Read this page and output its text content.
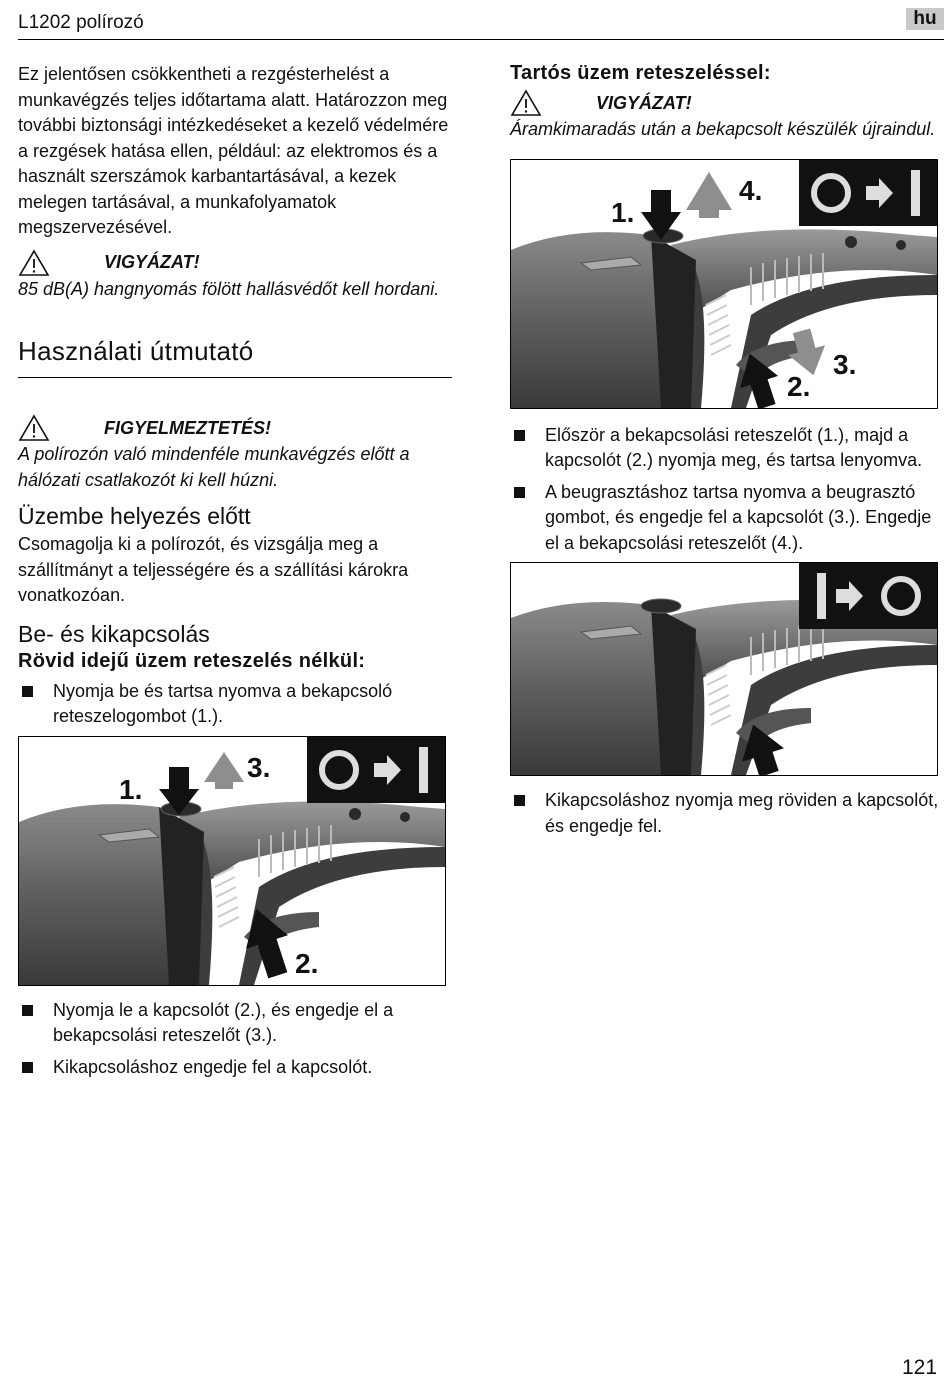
L1202 polírozó	hu

Ez jelentősen csökkentheti a rezgésterhelést a munkavégzés teljes időtartama alatt. Határozzon meg további biztonsági intézkedéseket a kezelő védelmére a rezgések hatása ellen, például: az elektromos és a használt szerszámok karbantartásával, a kezek melegen tartásával, a munkafolyamatok megszervezésével.

VIGYÁZAT!
85 dB(A) hangnyomás fölött hallásvédőt kell hordani.
Használati útmutató
FIGYELMEZTETÉS!
A polírozón való mindenféle munkavégzés előtt a hálózati csatlakozót ki kell húzni.
Üzembe helyezés előtt

Csomagolja ki a polírozót, és vizsgálja meg a szállítmányt a teljességére és a szállítási károkra vonatkozóan.

Be- és kikapcsolás
Rövid idejű üzem reteszelés nélkül:
Nyomja be és tartsa nyomva a bekapcsoló reteszelogombot (1.).
1.
3.
2.
Nyomja le a kapcsolót (2.), és engedje el a bekapcsolási reteszelőt (3.).
Kikapcsoláshoz engedje fel a kapcsolót.
Tartós üzem reteszeléssel:
VIGYÁZAT!
Áramkimaradás után a bekapcsolt készülék újraindul.
1.
4.
3.
2.
Először a bekapcsolási reteszelőt (1.), majd a kapcsolót (2.) nyomja meg, és tartsa lenyomva.
A beugrasztáshoz tartsa nyomva a beugrasztó gombot, és engedje fel a kapcsolót (3.). Engedje el a bekapcsolási reteszelőt (4.).
Kikapcsoláshoz nyomja meg röviden a kapcsolót, és engedje fel.
121
